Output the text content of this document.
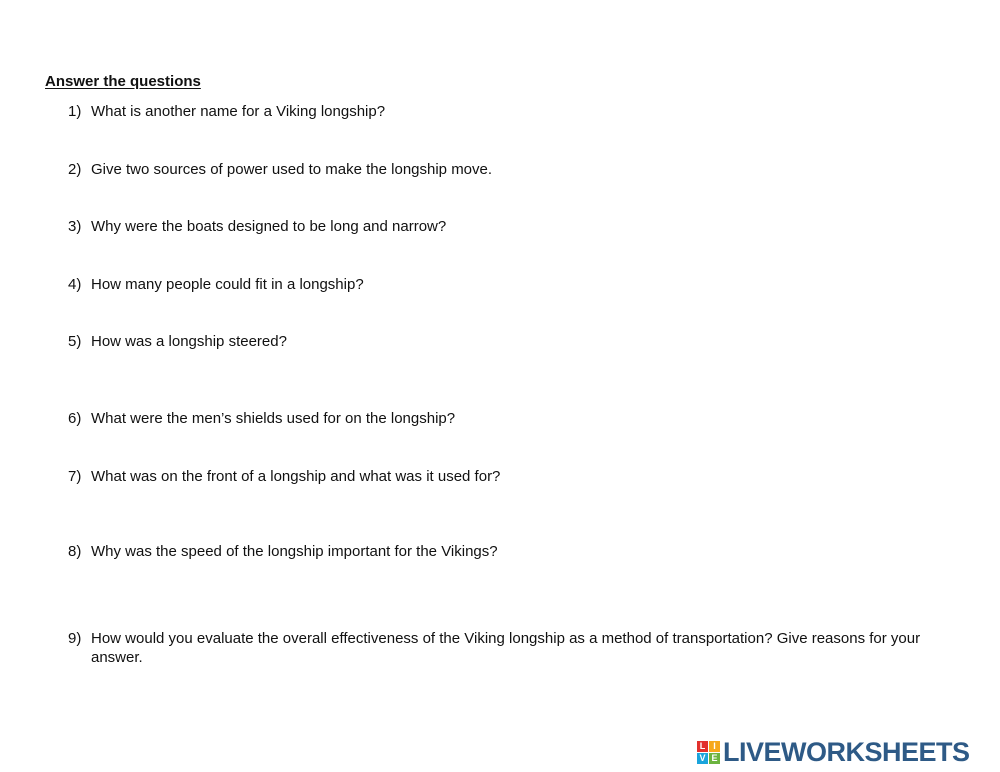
Answer the questions
1) What is another name for a Viking longship?
2) Give two sources of power used to make the longship move.
3) Why were the boats designed to be long and narrow?
4) How many people could fit in a longship?
5) How was a longship steered?
6) What were the men’s shields used for on the longship?
7) What was on the front of a longship and what was it used for?
8) Why was the speed of the longship important for the Vikings?
9) How would you evaluate the overall effectiveness of the Viking longship as a method of transportation? Give reasons for your answer.
L I
V E LIVEWORKSHEETS
